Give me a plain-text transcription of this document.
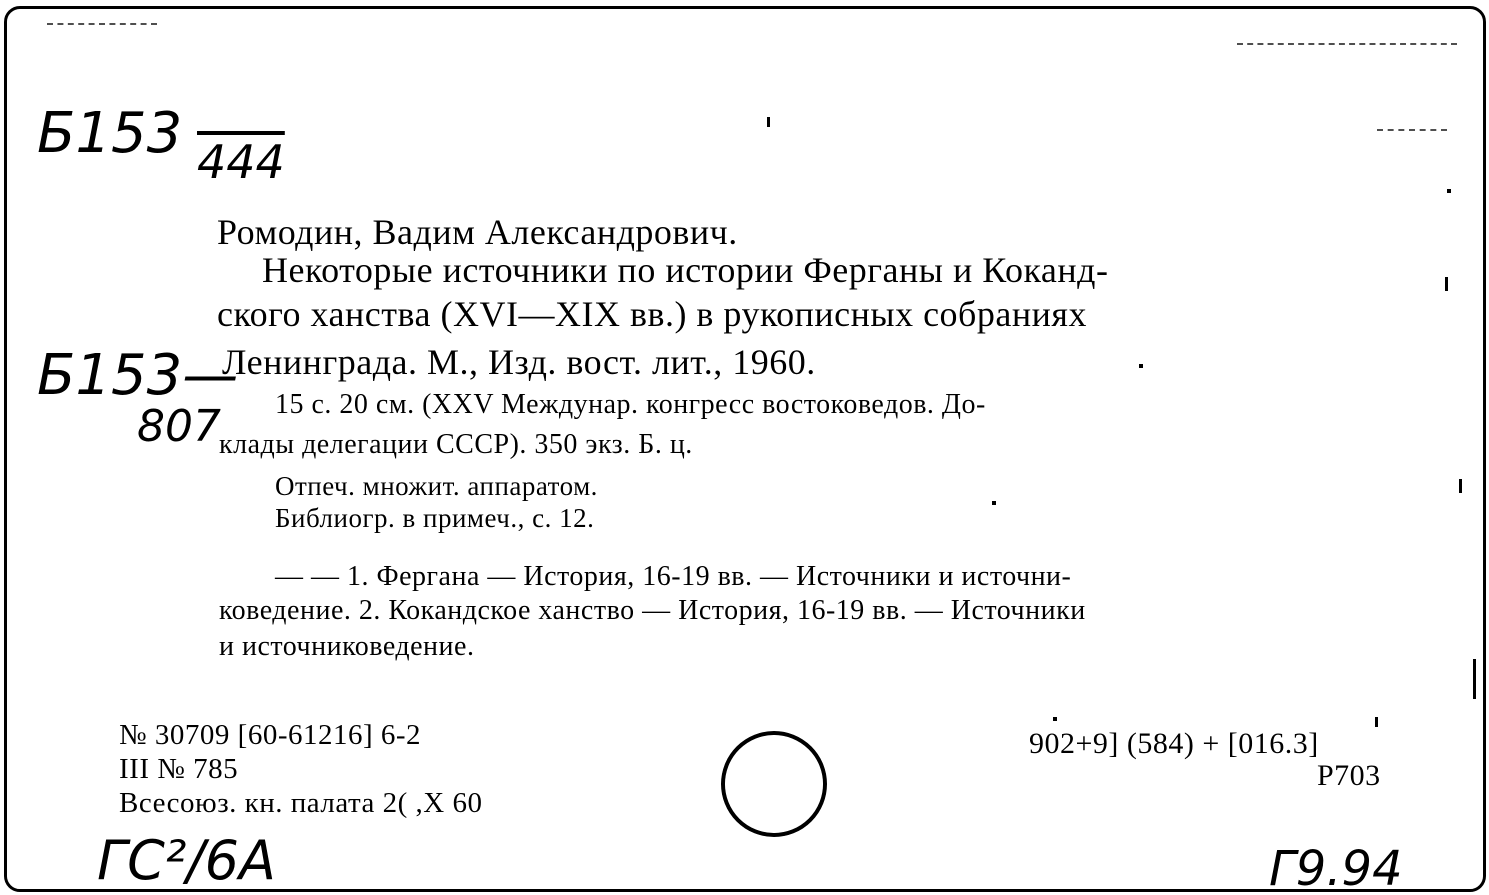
Б153 444
Б153—
807
Ромодин, Вадим Александрович.
Некоторые источники по истории Ферганы и Коканд-
ского ханства (XVI—XIX вв.) в рукописных собраниях
Ленинграда. М., Изд. вост. лит., 1960.
15 с. 20 см. (XXV Междунар. конгресс востоковедов. До-
клады делегации СССР). 350 экз. Б. ц.
Отпеч. множит. аппаратом.
Библиогр. в примеч., с. 12.
— — 1. Фергана — История, 16-19 вв. — Источники и источни-
коведение. 2. Кокандское ханство — История, 16-19 вв. — Источники
и источниковедение.
№ 30709 [60-61216] 6-2
III № 785
Всесоюз. кн. палата 2( ,X 60
902+9] (584) + [016.3]
Р703
ГС²/6А	Г9.94
